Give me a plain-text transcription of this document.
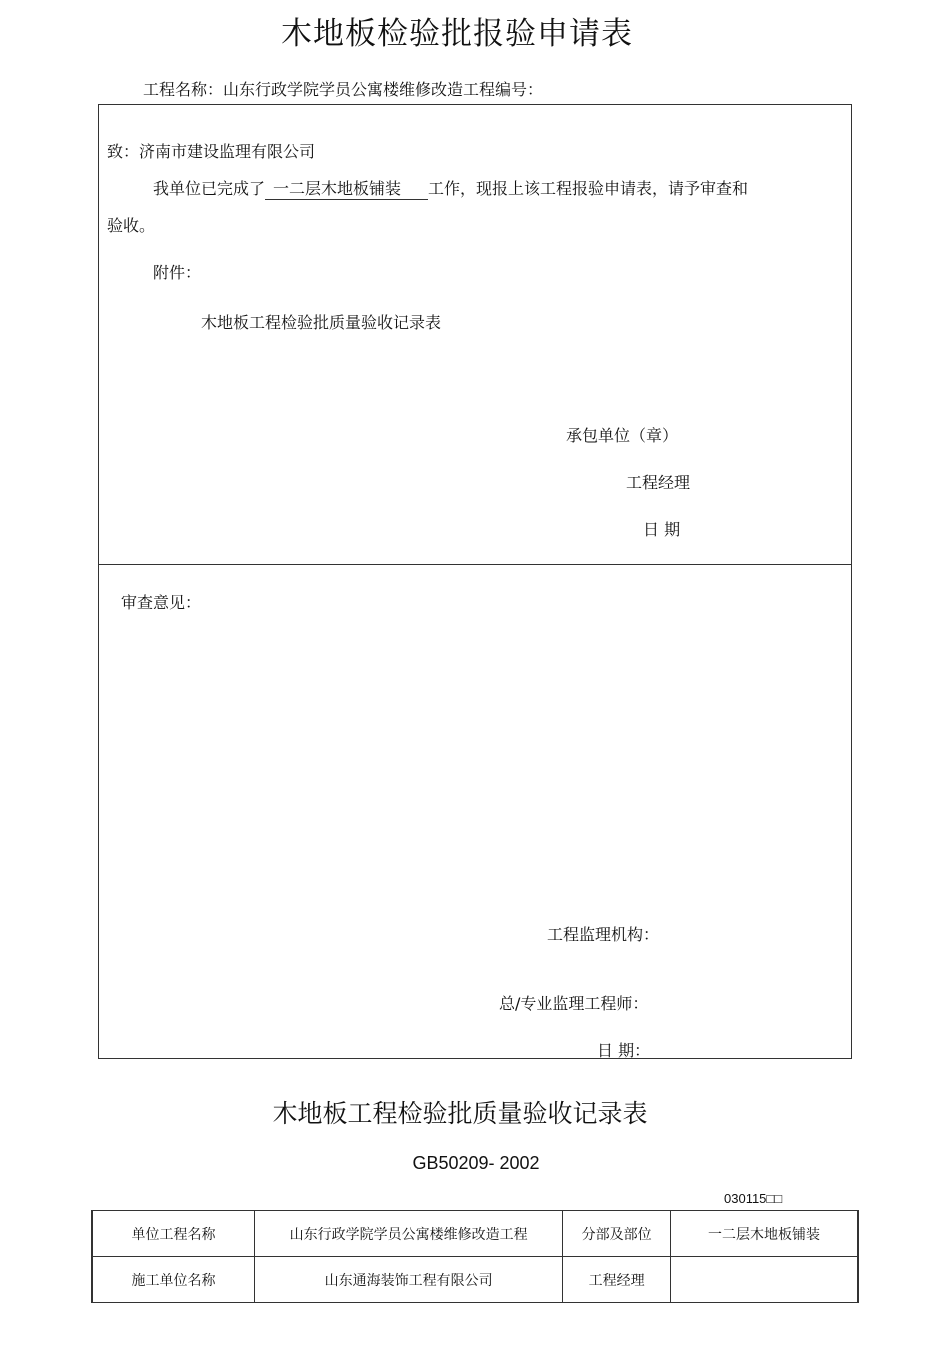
木地板检验批报验申请表
工程名称：山东行政学院学员公寓楼维修改造工程编号：
致：济南市建设监理有限公司
我单位已完成了 一二层木地板铺装 工作，现报上该工程报验申请表，请予审查和
验收。
附件：
木地板工程检验批质量验收记录表
承包单位（章）
工程经理
日 期
审查意见：
工程监理机构：
总/专业监理工程师：
日 期：
木地板工程检验批质量验收记录表
GB50209- 2002
030115□□
单位工程名称	山东行政学院学员公寓楼维修改造工程	分部及部位	一二层木地板铺装
施工单位名称	山东通海装饰工程有限公司	工程经理	
